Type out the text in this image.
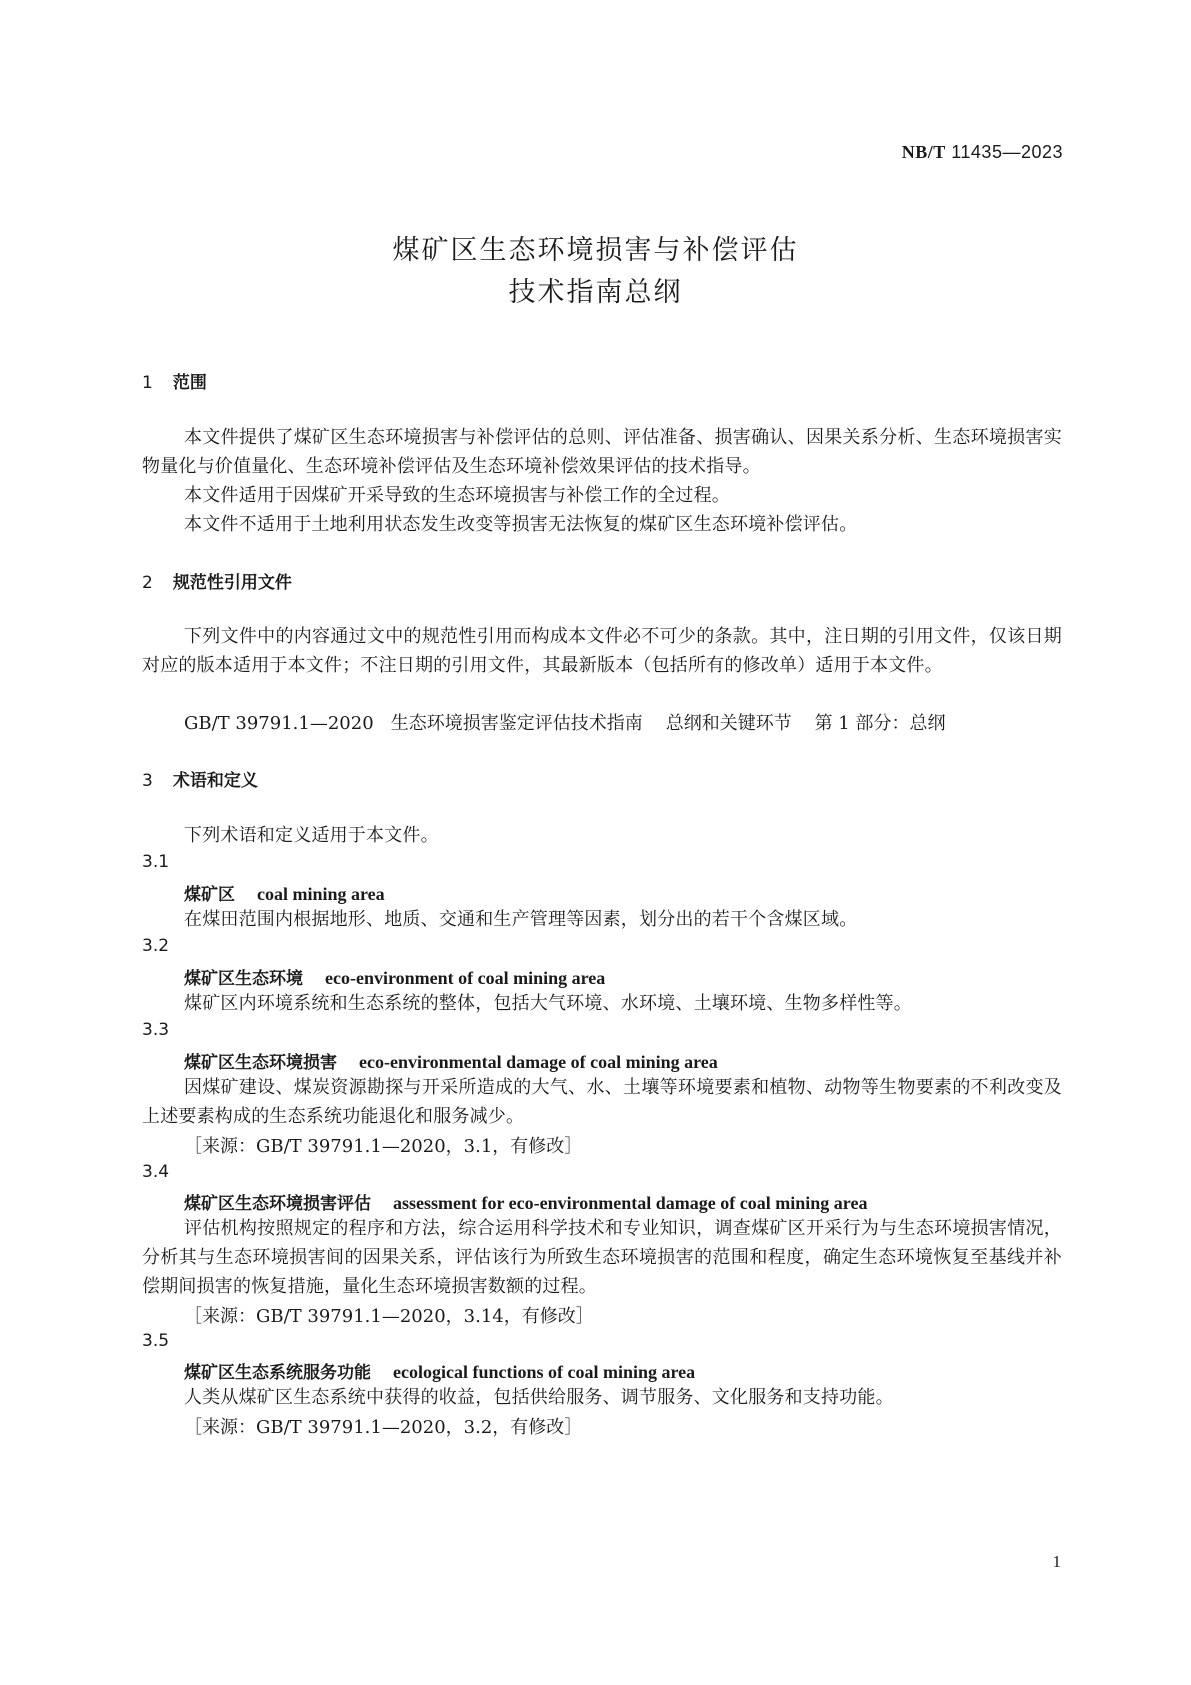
NB/T 11435—2023
煤矿区生态环境损害与补偿评估
技术指南总纲
1 范围
本文件提供了煤矿区生态环境损害与补偿评估的总则、评估准备、损害确认、因果关系分析、生态环境损害实物量化与价值量化、生态环境补偿评估及生态环境补偿效果评估的技术指导。
本文件适用于因煤矿开采导致的生态环境损害与补偿工作的全过程。
本文件不适用于土地利用状态发生改变等损害无法恢复的煤矿区生态环境补偿评估。
2 规范性引用文件
下列文件中的内容通过文中的规范性引用而构成本文件必不可少的条款。其中，注日期的引用文件，仅该日期对应的版本适用于本文件；不注日期的引用文件，其最新版本（包括所有的修改单）适用于本文件。
GB/T 39791.1—2020   生态环境损害鉴定评估技术指南    总纲和关键环节    第 1 部分：总纲
3 术语和定义
下列术语和定义适用于本文件。
3.1
煤矿区 coal mining area
在煤田范围内根据地形、地质、交通和生产管理等因素，划分出的若干个含煤区域。
3.2
煤矿区生态环境 eco-environment of coal mining area
煤矿区内环境系统和生态系统的整体，包括大气环境、水环境、土壤环境、生物多样性等。
3.3
煤矿区生态环境损害 eco-environmental damage of coal mining area
因煤矿建设、煤炭资源勘探与开采所造成的大气、水、土壤等环境要素和植物、动物等生物要素的不利改变及上述要素构成的生态系统功能退化和服务减少。
［来源：GB/T 39791.1—2020，3.1，有修改］
3.4
煤矿区生态环境损害评估 assessment for eco-environmental damage of coal mining area
评估机构按照规定的程序和方法，综合运用科学技术和专业知识，调查煤矿区开采行为与生态环境损害情况，分析其与生态环境损害间的因果关系，评估该行为所致生态环境损害的范围和程度，确定生态环境恢复至基线并补偿期间损害的恢复措施，量化生态环境损害数额的过程。
［来源：GB/T 39791.1—2020，3.14，有修改］
3.5
煤矿区生态系统服务功能 ecological functions of coal mining area
人类从煤矿区生态系统中获得的收益，包括供给服务、调节服务、文化服务和支持功能。
［来源：GB/T 39791.1—2020，3.2，有修改］
1
